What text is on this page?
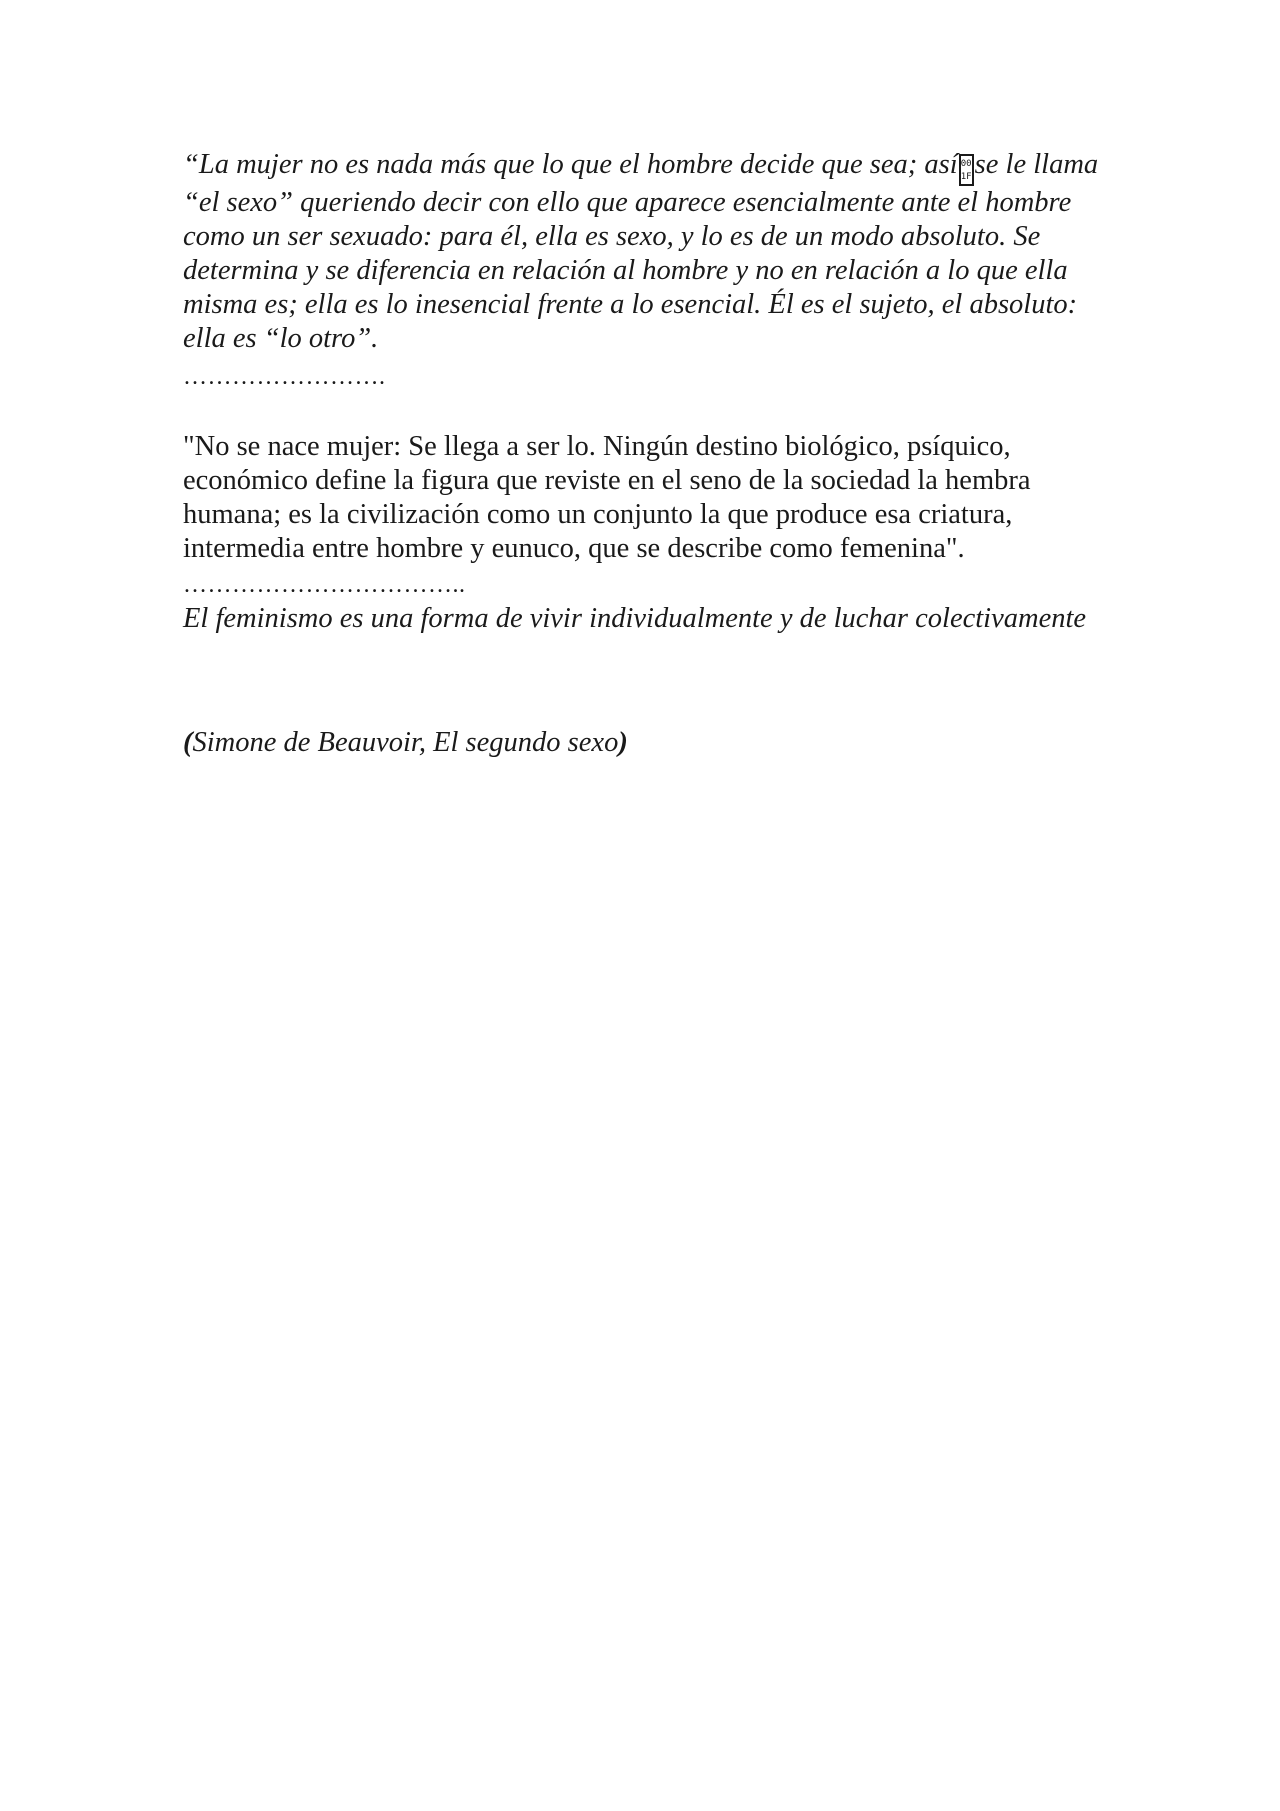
“La mujer no es nada más que lo que el hombre decide que sea; así 00
1F se le llama “el sexo” queriendo decir con ello que aparece esencialmente ante el hombre como un ser sexuado: para él, ella es sexo, y lo es de un modo absoluto. Se determina y se diferencia en relación al hombre y no en relación a lo que ella misma es; ella es lo inesencial frente a lo esencial. Él es el sujeto, el absoluto: ella es “lo otro”.

…………………….

"No se nace mujer: Se llega a ser lo. Ningún destino biológico, psíquico, económico define la figura que reviste en el seno de la sociedad la hembra humana; es la civilización como un conjunto la que produce esa criatura, intermedia entre hombre y eunuco, que se describe como femenina".

……………………………..

El feminismo es una forma de vivir individualmente y de luchar colectivamente

(Simone de Beauvoir, El segundo sexo)
